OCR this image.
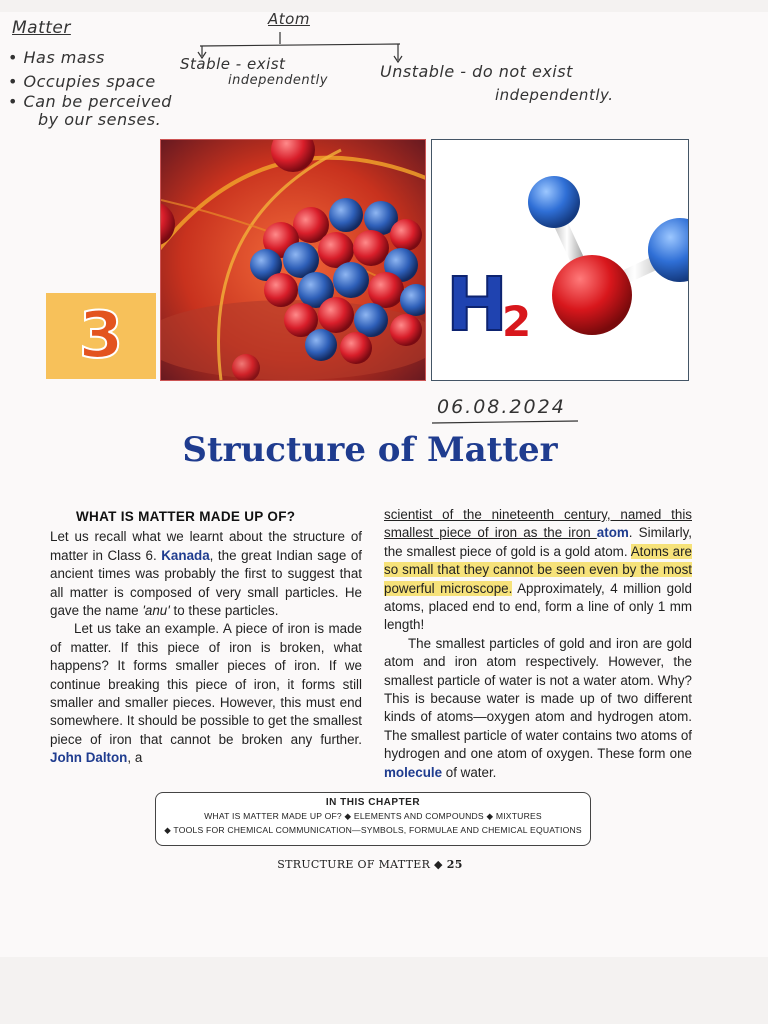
Matter	Atom
• Has mass
• Occupies space
• Can be perceived
by our senses.
Stable - exist
independently	Unstable - do not exist
independently.
06.08.2024
3	H
2
Structure of Matter

WHAT IS MATTER MADE UP OF?

Let us recall what we learnt about the structure of matter in Class 6. Kanada, the great Indian sage of ancient times was probably the first to suggest that all matter is composed of very small particles. He gave the name 'anu' to these particles.

Let us take an example. A piece of iron is made of matter. If this piece of iron is broken, what happens? It forms smaller pieces of iron. If we continue breaking this piece of iron, it forms still smaller and smaller pieces. However, this must end somewhere. It should be possible to get the smallest piece of iron that cannot be broken any further. John Dalton, a

scientist of the nineteenth century, named this smallest piece of iron as the iron atom. Similarly, the smallest piece of gold is a gold atom. Atoms are so small that they cannot be seen even by the most powerful microscope. Approximately, 4 million gold atoms, placed end to end, form a line of only 1 mm length!

The smallest particles of gold and iron are gold atom and iron atom respectively. However, the smallest particle of water is not a water atom. Why? This is because water is made up of two different kinds of atoms—oxygen atom and hydrogen atom. The smallest particle of water contains two atoms of hydrogen and one atom of oxygen. These form one molecule of water.

IN THIS CHAPTER
WHAT IS MATTER MADE UP OF? ◆ ELEMENTS AND COMPOUNDS ◆ MIXTURES
◆ TOOLS FOR CHEMICAL COMMUNICATION—SYMBOLS, FORMULAE AND CHEMICAL EQUATIONS
STRUCTURE OF MATTER ◆ 25
